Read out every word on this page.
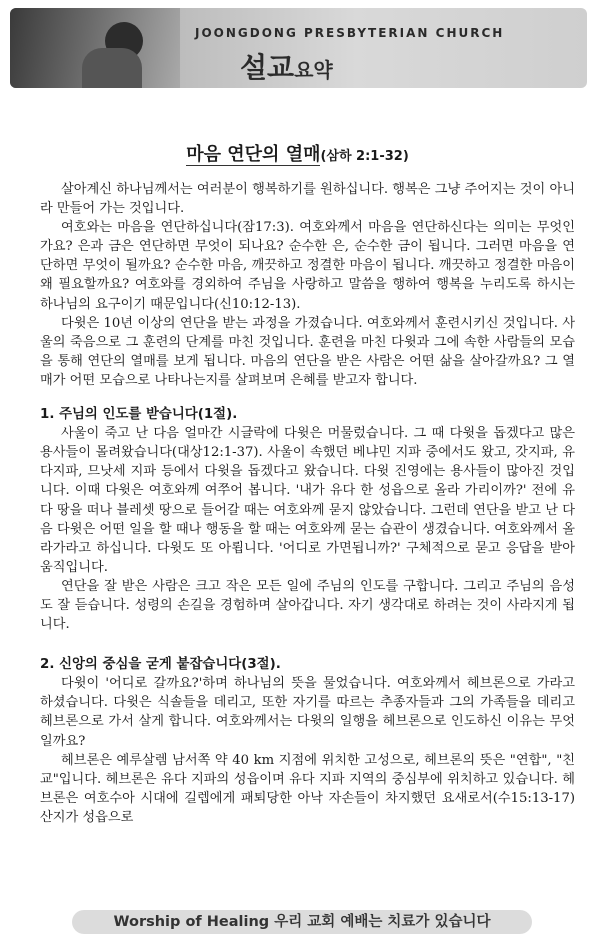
JOONGDONG PRESBYTERIAN CHURCH
설교요약
마음 연단의 열매(삼하 2:1-32)

살아계신 하나님께서는 여러분이 행복하기를 원하십니다. 행복은 그냥 주어지는 것이 아니라 만들어 가는 것입니다.

여호와는 마음을 연단하십니다(잠17:3). 여호와께서 마음을 연단하신다는 의미는 무엇인가요? 은과 금은 연단하면 무엇이 되나요? 순수한 은, 순수한 금이 됩니다. 그러면 마음을 연단하면 무엇이 될까요? 순수한 마음, 깨끗하고 정결한 마음이 됩니다. 깨끗하고 정결한 마음이 왜 필요할까요? 여호와를 경외하여 주님을 사랑하고 말씀을 행하여 행복을 누리도록 하시는 하나님의 요구이기 때문입니다(신10:12-13).

다윗은 10년 이상의 연단을 받는 과정을 가졌습니다. 여호와께서 훈련시키신 것입니다. 사울의 죽음으로 그 훈련의 단계를 마친 것입니다. 훈련을 마친 다윗과 그에 속한 사람들의 모습을 통해 연단의 열매를 보게 됩니다. 마음의 연단을 받은 사람은 어떤 삶을 살아갈까요? 그 열매가 어떤 모습으로 나타나는지를 살펴보며 은혜를 받고자 합니다.

1. 주님의 인도를 받습니다(1절).

사울이 죽고 난 다음 얼마간 시글락에 다윗은 머물렀습니다. 그 때 다윗을 돕겠다고 많은 용사들이 몰려왔습니다(대상12:1-37). 사울이 속했던 베냐민 지파 중에서도 왔고, 갓지파, 유다지파, 므낫세 지파 등에서 다윗을 돕겠다고 왔습니다. 다윗 진영에는 용사들이 많아진 것입니다. 이때 다윗은 여호와께 여쭈어 봅니다. '내가 유다 한 성읍으로 올라 가리이까?' 전에 유다 땅을 떠나 블레셋 땅으로 들어갈 때는 여호와께 묻지 않았습니다. 그런데 연단을 받고 난 다음 다윗은 어떤 일을 할 때나 행동을 할 때는 여호와께 묻는 습관이 생겼습니다. 여호와께서 올라가라고 하십니다. 다윗도 또 아룁니다. '어디로 가면됩니까?' 구체적으로 묻고 응답을 받아 움직입니다.

연단을 잘 받은 사람은 크고 작은 모든 일에 주님의 인도를 구합니다. 그리고 주님의 음성도 잘 듣습니다. 성령의 손길을 경험하며 살아갑니다. 자기 생각대로 하려는 것이 사라지게 됩니다.

2. 신앙의 중심을 굳게 붙잡습니다(3절).

다윗이 '어디로 갈까요?'하며 하나님의 뜻을 물었습니다. 여호와께서 헤브론으로 가라고 하셨습니다. 다윗은 식솔들을 데리고, 또한 자기를 따르는 추종자들과 그의 가족들을 데리고 헤브론으로 가서 살게 합니다. 여호와께서는 다윗의 일행을 헤브론으로 인도하신 이유는 무엇일까요?

헤브론은 예루살렘 남서쪽 약 40 km 지점에 위치한 고성으로, 헤브론의 뜻은 "연합", "친교"입니다. 헤브론은 유다 지파의 성읍이며 유다 지파 지역의 중심부에 위치하고 있습니다. 헤브론은 여호수아 시대에 길렙에게 패퇴당한 아낙 자손들이 차지했던 요새로서(수15:13-17) 산지가 성읍으로

Worship of Healing 우리 교회 예배는 치료가 있습니다
